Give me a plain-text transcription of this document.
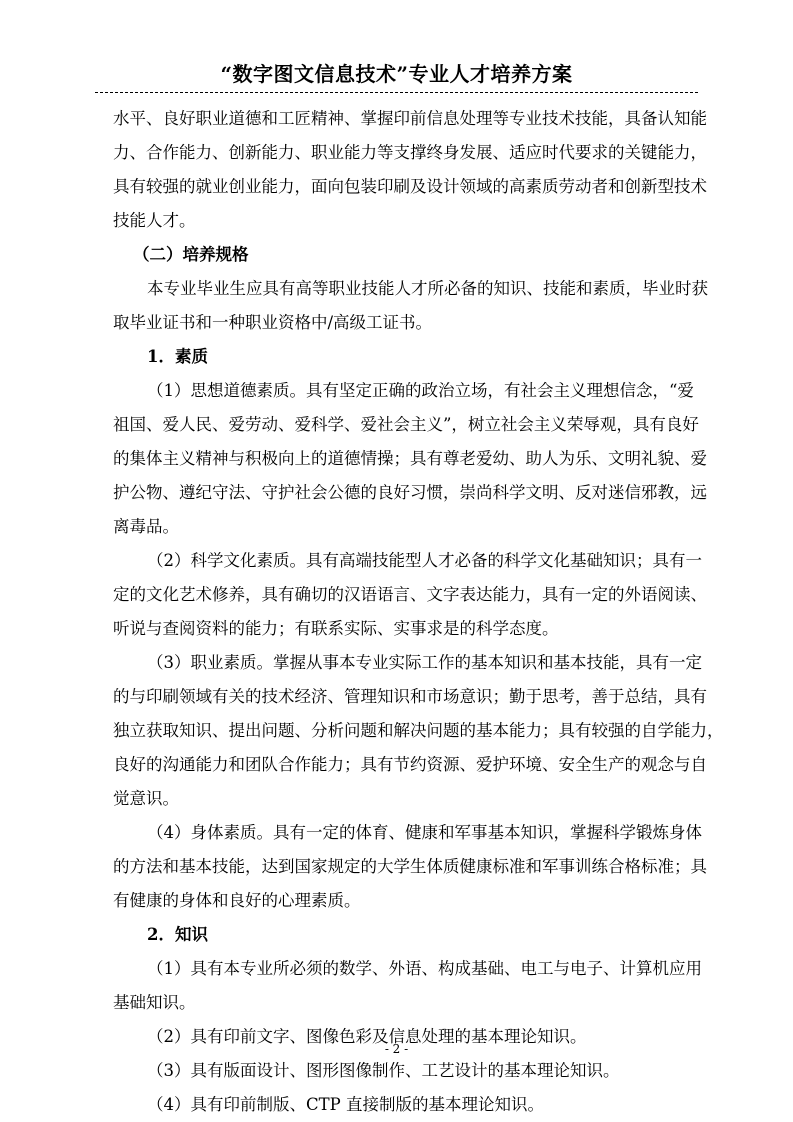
“数字图文信息技术”专业人才培养方案
水平、良好职业道德和工匠精神、掌握印前信息处理等专业技术技能，具备认知能
力、合作能力、创新能力、职业能力等支撑终身发展、适应时代要求的关键能力，
具有较强的就业创业能力，面向包装印刷及设计领域的高素质劳动者和创新型技术
技能人才。
（二）培养规格
本专业毕业生应具有高等职业技能人才所必备的知识、技能和素质，毕业时获
取毕业证书和一种职业资格中/高级工证书。
1．素质
（1）思想道德素质。具有坚定正确的政治立场，有社会主义理想信念，“爱
祖国、爱人民、爱劳动、爱科学、爱社会主义”，树立社会主义荣辱观，具有良好
的集体主义精神与积极向上的道德情操；具有尊老爱幼、助人为乐、文明礼貌、爱
护公物、遵纪守法、守护社会公德的良好习惯，崇尚科学文明、反对迷信邪教，远
离毒品。
（2）科学文化素质。具有高端技能型人才必备的科学文化基础知识；具有一
定的文化艺术修养，具有确切的汉语语言、文字表达能力，具有一定的外语阅读、
听说与查阅资料的能力；有联系实际、实事求是的科学态度。
（3）职业素质。掌握从事本专业实际工作的基本知识和基本技能，具有一定
的与印刷领域有关的技术经济、管理知识和市场意识；勤于思考，善于总结，具有
独立获取知识、提出问题、分析问题和解决问题的基本能力；具有较强的自学能力，
良好的沟通能力和团队合作能力；具有节约资源、爱护环境、安全生产的观念与自
觉意识。
（4）身体素质。具有一定的体育、健康和军事基本知识，掌握科学锻炼身体
的方法和基本技能，达到国家规定的大学生体质健康标准和军事训练合格标准；具
有健康的身体和良好的心理素质。
2．知识
（1）具有本专业所必须的数学、外语、构成基础、电工与电子、计算机应用
基础知识。
（2）具有印前文字、图像色彩及信息处理的基本理论知识。
（3）具有版面设计、图形图像制作、工艺设计的基本理论知识。
（4）具有印前制版、CTP 直接制版的基本理论知识。
- 2 -
